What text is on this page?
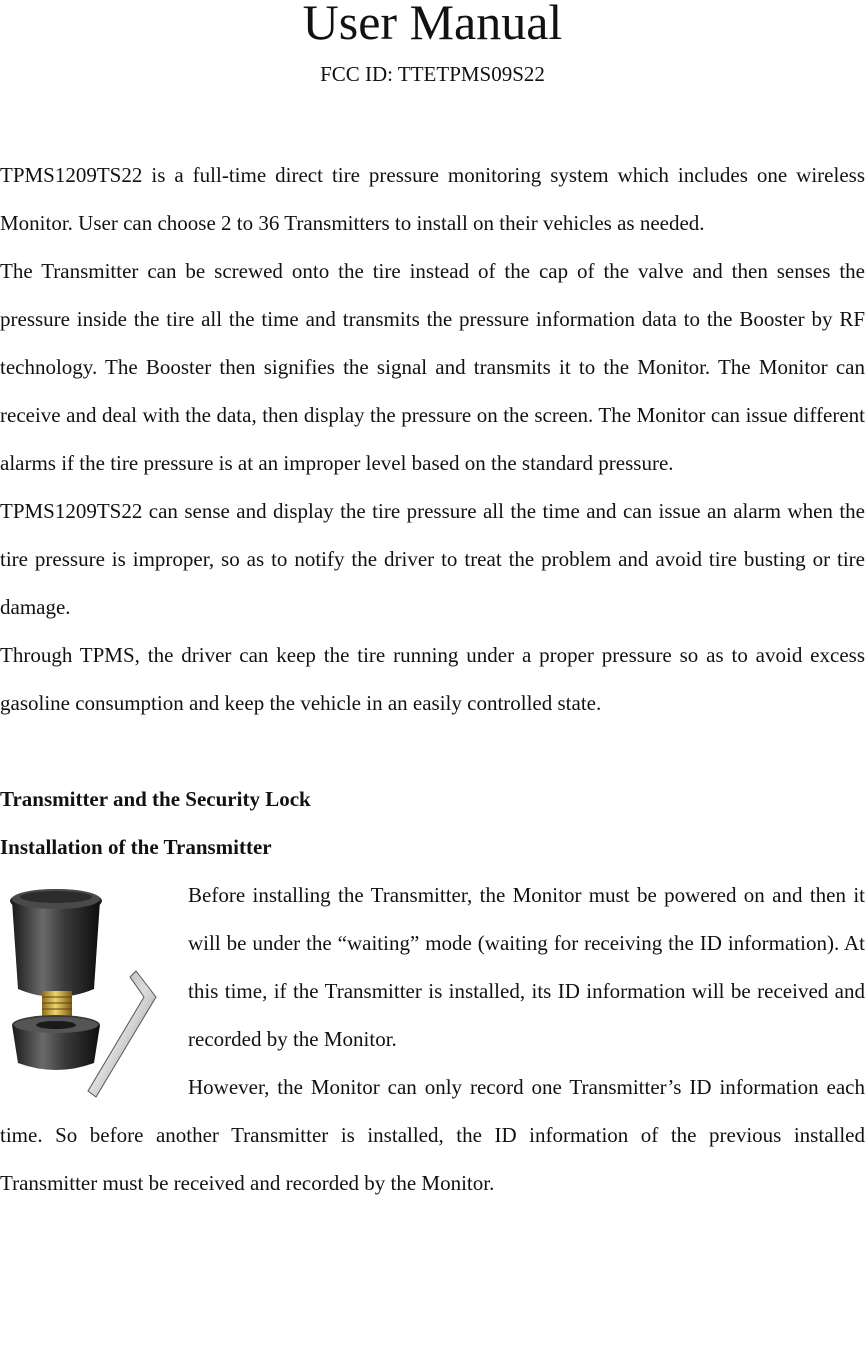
User Manual
FCC ID: TTETPMS09S22

TPMS1209TS22 is a full-time direct tire pressure monitoring system which includes one wireless Monitor. User can choose 2 to 36 Transmitters to install on their vehicles as needed.

The Transmitter can be screwed onto the tire instead of the cap of the valve and then senses the pressure inside the tire all the time and transmits the pressure information data to the Booster by RF technology. The Booster then signifies the signal and transmits it to the Monitor. The Monitor can receive and deal with the data, then display the pressure on the screen. The Monitor can issue different alarms if the tire pressure is at an improper level based on the standard pressure.

TPMS1209TS22 can sense and display the tire pressure all the time and can issue an alarm when the tire pressure is improper, so as to notify the driver to treat the problem and avoid tire busting or tire damage.

Through TPMS, the driver can keep the tire running under a proper pressure so as to avoid excess gasoline consumption and keep the vehicle in an easily controlled state.

Transmitter and the Security Lock

Installation of the Transmitter

Before installing the Transmitter, the Monitor must be powered on and then it will be under the “waiting” mode (waiting for receiving the ID information). At this time, if the Transmitter is installed, its ID information will be received and recorded by the Monitor.

However, the Monitor can only record one Transmitter’s ID information each time. So before another Transmitter is installed, the ID information of the previous installed Transmitter must be received and recorded by the Monitor.
